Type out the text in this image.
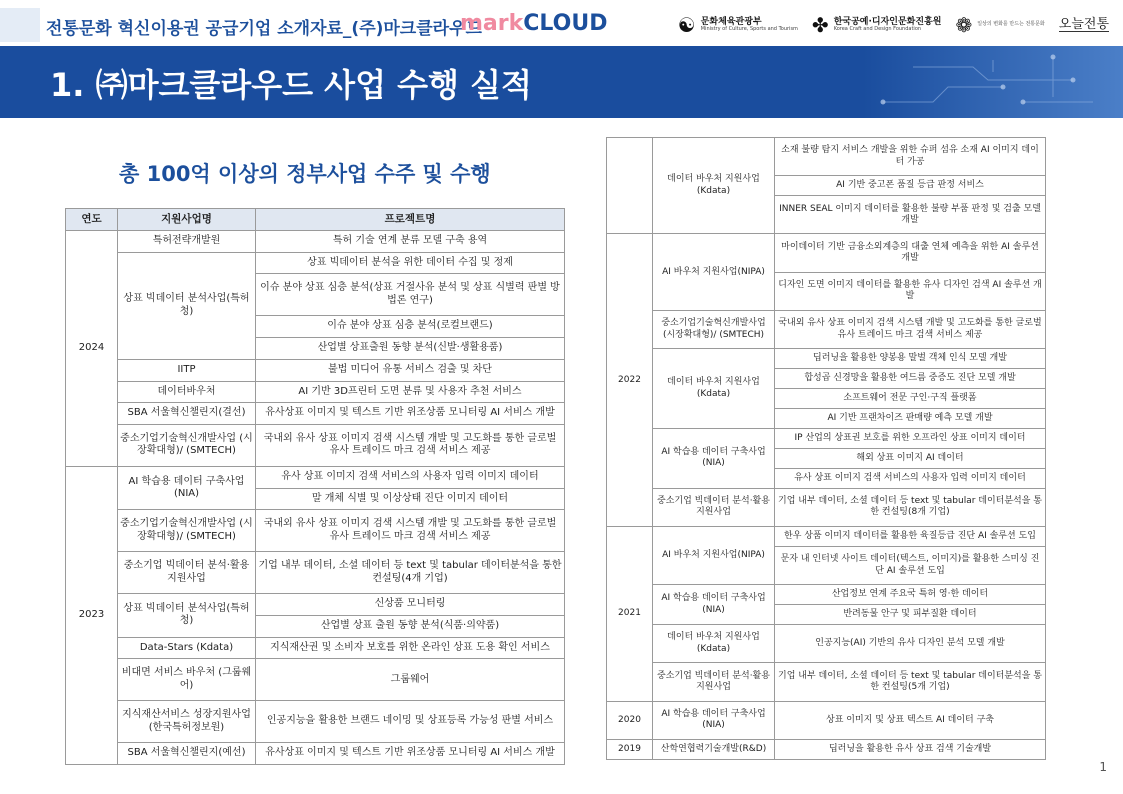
전통문화 혁신이용권 공급기업 소개자료_(주)마크클라우드
markCLOUD	☯ 문화체육관광부
Ministry of Culture, Sports and Tourism ✤ 한국공예·디자인문화진흥원
Korea Craft and Design Foundation	❁ 일상의 변화를 만드는 전통문화 오늘전통
1. ㈜마크클라우드 사업 수행 실적
총 100억 이상의 정부사업 수주 및 수행
연도	지원사업명	프로젝트명
2024	특허전략개발원	특허 기술 연계 분류 모델 구축 용역
	상표 빅데이터 분석사업(특허청)	상표 빅데이터 분석을 위한 데이터 수집 및 정제
		이슈 분야 상표 심층 분석(상표 거절사유 분석 및 상표 식별력 판별 방법론 연구)
		이슈 분야 상표 심층 분석(로컬브랜드)
		산업별 상표출원 동향 분석(신발·생활용품)
	IITP	불법 미디어 유통 서비스 검출 및 차단
	데이터바우처	AI 기반 3D프린터 도면 분류 및 사용자 추천 서비스
	SBA 서울혁신챌린지(결선)	유사상표 이미지 및 텍스트 기반 위조상품 모니터링 AI 서비스 개발
	중소기업기술혁신개발사업 (시장확대형)/ (SMTECH)	국내외 유사 상표 이미지 검색 시스템 개발 및 고도화를 통한 글로벌 유사 트레이드 마크 검색 서비스 제공
2023	AI 학습용 데이터 구축사업(NIA)	유사 상표 이미지 검색 서비스의 사용자 입력 이미지 데이터
		말 개체 식별 및 이상상태 진단 이미지 데이터
	중소기업기술혁신개발사업 (시장확대형)/ (SMTECH)	국내외 유사 상표 이미지 검색 시스템 개발 및 고도화를 통한 글로벌 유사 트레이드 마크 검색 서비스 제공
	중소기업 빅데이터 분석·활용 지원사업	기업 내부 데이터, 소셜 데이터 등 text 및 tabular 데이터분석을 통한 컨설팅(4개 기업)
	상표 빅데이터 분석사업(특허청)	신상품 모니터링
		산업별 상표 출원 동향 분석(식품·의약품)
	Data-Stars (Kdata)	지식재산권 및 소비자 보호를 위한 온라인 상표 도용 확인 서비스
	비대면 서비스 바우처 (그룹웨어)	그룹웨어
	지식재산서비스 성장지원사업 (한국특허정보원)	인공지능을 활용한 브랜드 네이밍 및 상표등록 가능성 판별 서비스
	SBA 서울혁신챌린지(예선)	유사상표 이미지 및 텍스트 기반 위조상품 모니터링 AI 서비스 개발
	데이터 바우처 지원사업(Kdata)	소재 불량 탐지 서비스 개발을 위한 슈퍼 섬유 소재 AI 이미지 데이터 가공
		AI 기반 중고폰 품질 등급 판정 서비스
		INNER SEAL 이미지 데이터를 활용한 불량 부품 판정 및 검출 모델 개발
2022	AI 바우처 지원사업(NIPA)	마이데이터 기반 금융소외계층의 대출 연체 예측을 위한 AI 솔루션 개발
		디자인 도면 이미지 데이터를 활용한 유사 디자인 검색 AI 솔루션 개발
	중소기업기술혁신개발사업 (시장확대형)/ (SMTECH)	국내외 유사 상표 이미지 검색 시스템 개발 및 고도화를 통한 글로벌 유사 트레이드 마크 검색 서비스 제공
	데이터 바우처 지원사업(Kdata)	딥러닝을 활용한 양봉용 말벌 객체 인식 모델 개발
		합성곱 신경망을 활용한 여드름 중증도 진단 모델 개발
		소프트웨어 전문 구인·구직 플랫폼
		AI 기반 프랜차이즈 판매량 예측 모델 개발
	AI 학습용 데이터 구축사업(NIA)	IP 산업의 상표권 보호를 위한 오프라인 상표 이미지 데이터
		해외 상표 이미지 AI 데이터
		유사 상표 이미지 검색 서비스의 사용자 입력 이미지 데이터
	중소기업 빅데이터 분석·활용 지원사업	기업 내부 데이터, 소셜 데이터 등 text 및 tabular 데이터분석을 통한 컨설팅(8개 기업)
2021	AI 바우처 지원사업(NIPA)	한우 상품 이미지 데이터를 활용한 육질등급 진단 AI 솔루션 도입
		문자 내 인터넷 사이트 데이터(텍스트, 이미지)를 활용한 스미싱 진단 AI 솔루션 도입
	AI 학습용 데이터 구축사업(NIA)	산업정보 연계 주요국 특허 영·한 데이터
		반려동물 안구 및 피부질환 데이터
	데이터 바우처 지원사업(Kdata)	인공지능(AI) 기반의 유사 디자인 분석 모델 개발
	중소기업 빅데이터 분석·활용 지원사업	기업 내부 데이터, 소셜 데이터 등 text 및 tabular 데이터분석을 통한 컨설팅(5개 기업)
2020	AI 학습용 데이터 구축사업(NIA)	상표 이미지 및 상표 텍스트 AI 데이터 구축
2019	산학연협력기술개발(R&D)	딥러닝을 활용한 유사 상표 검색 기술개발
1
